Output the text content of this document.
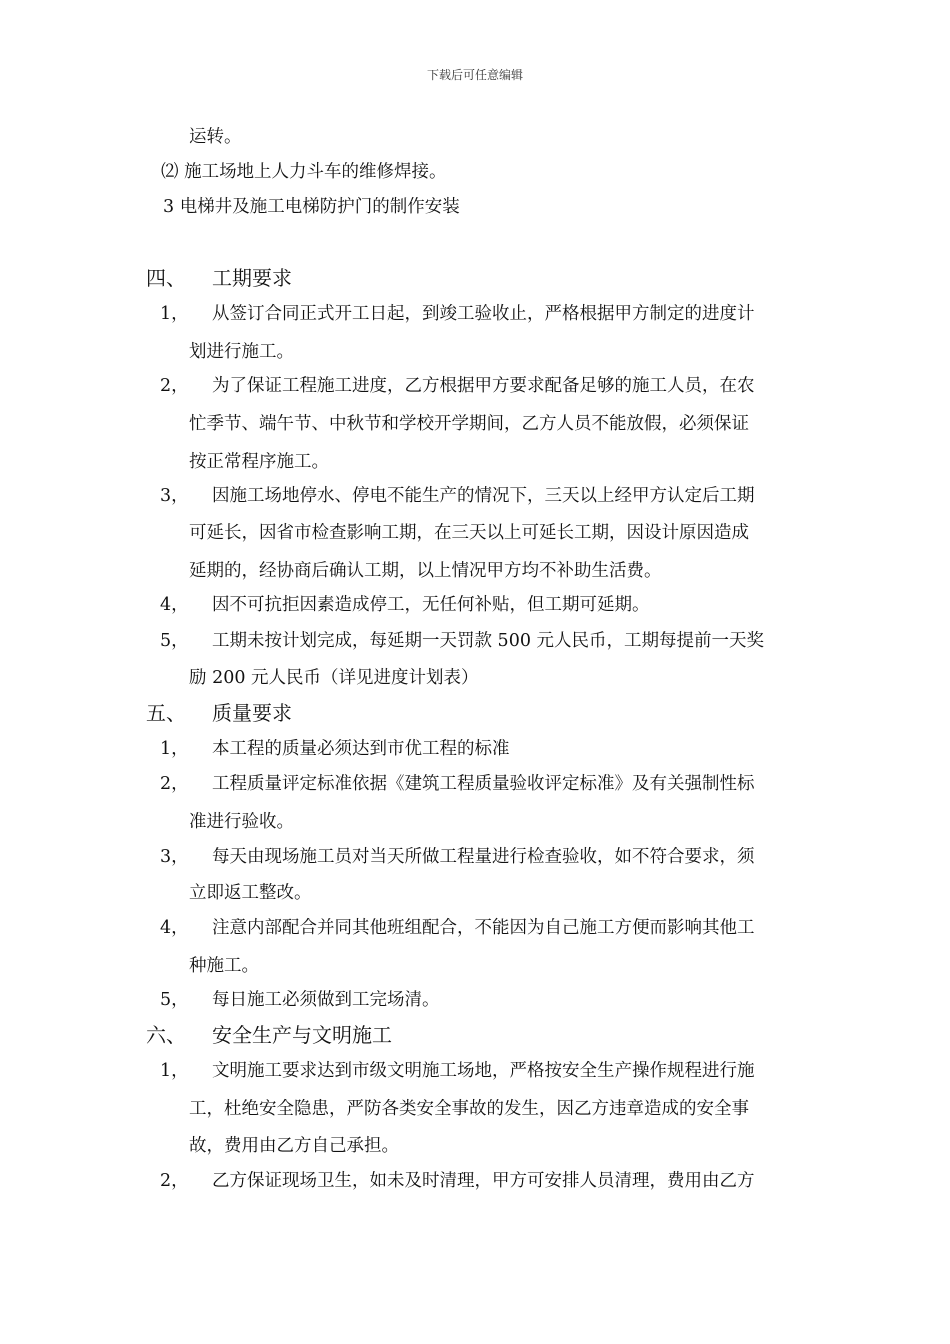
下载后可任意编辑
运转。
⑵ 施工场地上人力斗车的维修焊接。
3 电梯井及施工电梯防护门的制作安装
四、 工期要求
1， 从签订合同正式开工日起，到竣工验收止，严格根据甲方制定的进度计
划进行施工。
2， 为了保证工程施工进度，乙方根据甲方要求配备足够的施工人员，在农
忙季节、端午节、中秋节和学校开学期间，乙方人员不能放假，必须保证
按正常程序施工。
3， 因施工场地停水、停电不能生产的情况下，三天以上经甲方认定后工期
可延长，因省市检查影响工期，在三天以上可延长工期，因设计原因造成
延期的，经协商后确认工期，以上情况甲方均不补助生活费。
4， 因不可抗拒因素造成停工，无任何补贴，但工期可延期。
5， 工期未按计划完成，每延期一天罚款 500 元人民币，工期每提前一天奖
励 200 元人民币（详见进度计划表）
五、 质量要求
1， 本工程的质量必须达到市优工程的标准
2， 工程质量评定标准依据《建筑工程质量验收评定标准》及有关强制性标
准进行验收。
3， 每天由现场施工员对当天所做工程量进行检查验收，如不符合要求，须
立即返工整改。
4， 注意内部配合并同其他班组配合，不能因为自己施工方便而影响其他工
种施工。
5， 每日施工必须做到工完场清。
六、 安全生产与文明施工
1， 文明施工要求达到市级文明施工场地，严格按安全生产操作规程进行施
工，杜绝安全隐患，严防各类安全事故的发生，因乙方违章造成的安全事
故，费用由乙方自己承担。
2， 乙方保证现场卫生，如未及时清理，甲方可安排人员清理，费用由乙方
